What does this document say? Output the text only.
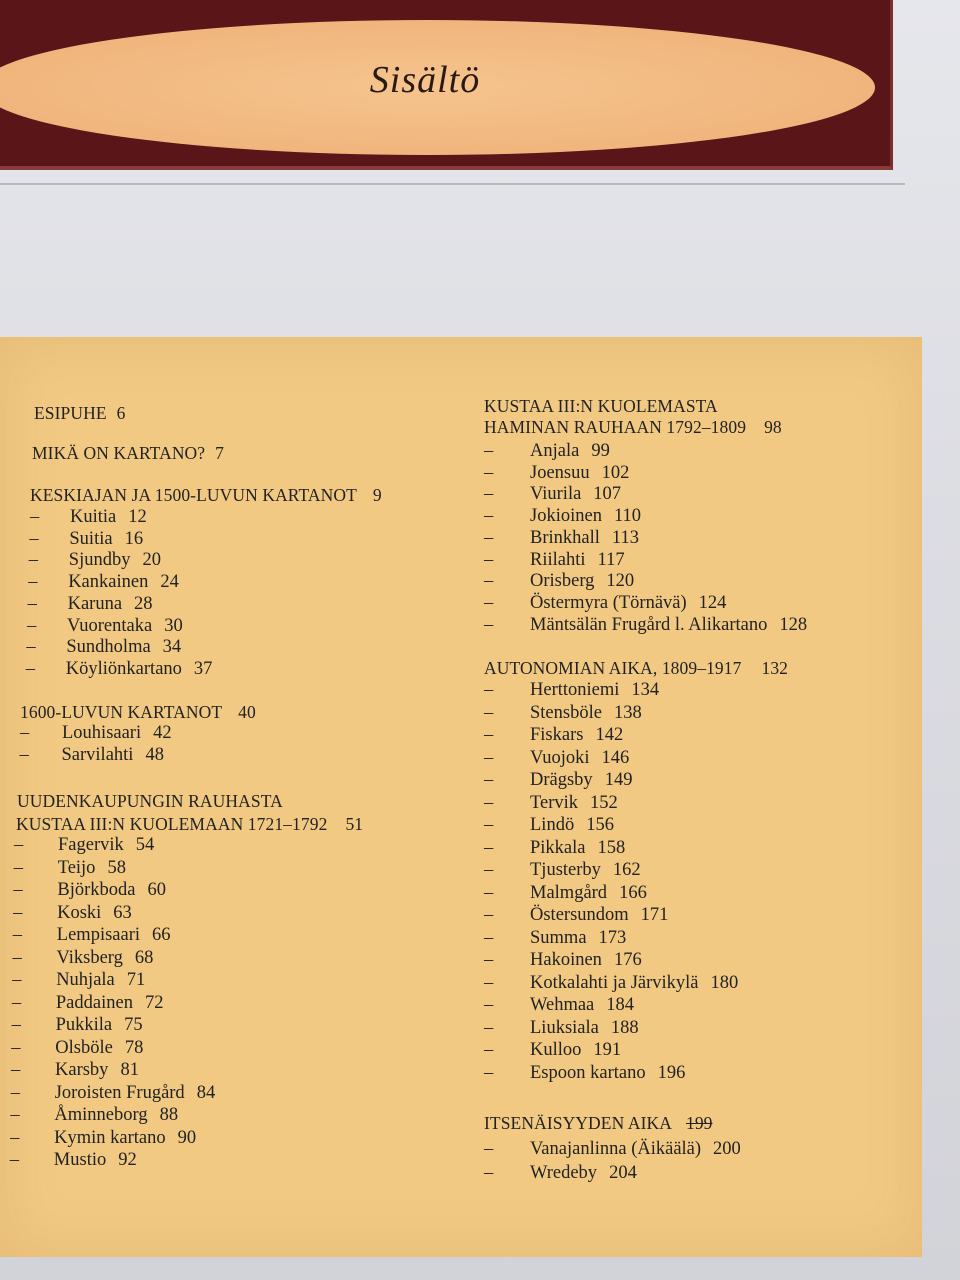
Sisältö
ESIPUHE 6
MIKÄ ON KARTANO? 7
KESKIAJAN JA 1500-LUVUN KARTANOT 9
– Kuitia 12
– Suitia 16
– Sjundby 20
– Kankainen 24
– Karuna 28
– Vuorentaka 30
– Sundholma 34
– Köyliönkartano 37
1600-LUVUN KARTANOT 40
– Louhisaari 42
– Sarvilahti 48
UUDENKAUPUNGIN RAUHASTA
KUSTAA III:N KUOLEMAAN 1721–1792 51
– Fagervik 54
– Teijo 58
– Björkboda 60
– Koski 63
– Lempisaari 66
– Viksberg 68
– Nuhjala 71
– Paddainen 72
– Pukkila 75
– Olsböle 78
– Karsby 81
– Joroisten Frugård 84
– Åminneborg 88
– Kymin kartano 90
– Mustio 92
KUSTAA III:N KUOLEMASTA
HAMINAN RAUHAAN 1792–1809 98
– Anjala 99
– Joensuu 102
– Viurila 107
– Jokioinen 110
– Brinkhall 113
– Riilahti 117
– Orisberg 120
– Östermyra (Törnävä) 124
– Mäntsälän Frugård l. Alikartano 128
AUTONOMIAN AIKA, 1809–1917 132
– Herttoniemi 134
– Stensböle 138
– Fiskars 142
– Vuojoki 146
– Drägsby 149
– Tervik 152
– Lindö 156
– Pikkala 158
– Tjusterby 162
– Malmgård 166
– Östersundom 171
– Summa 173
– Hakoinen 176
– Kotkalahti ja Järvikylä 180
– Wehmaa 184
– Liuksiala 188
– Kulloo 191
– Espoon kartano 196
ITSENÄISYYDEN AIKA 199
– Vanajanlinna (Äikäälä) 200
– Wredeby 204
